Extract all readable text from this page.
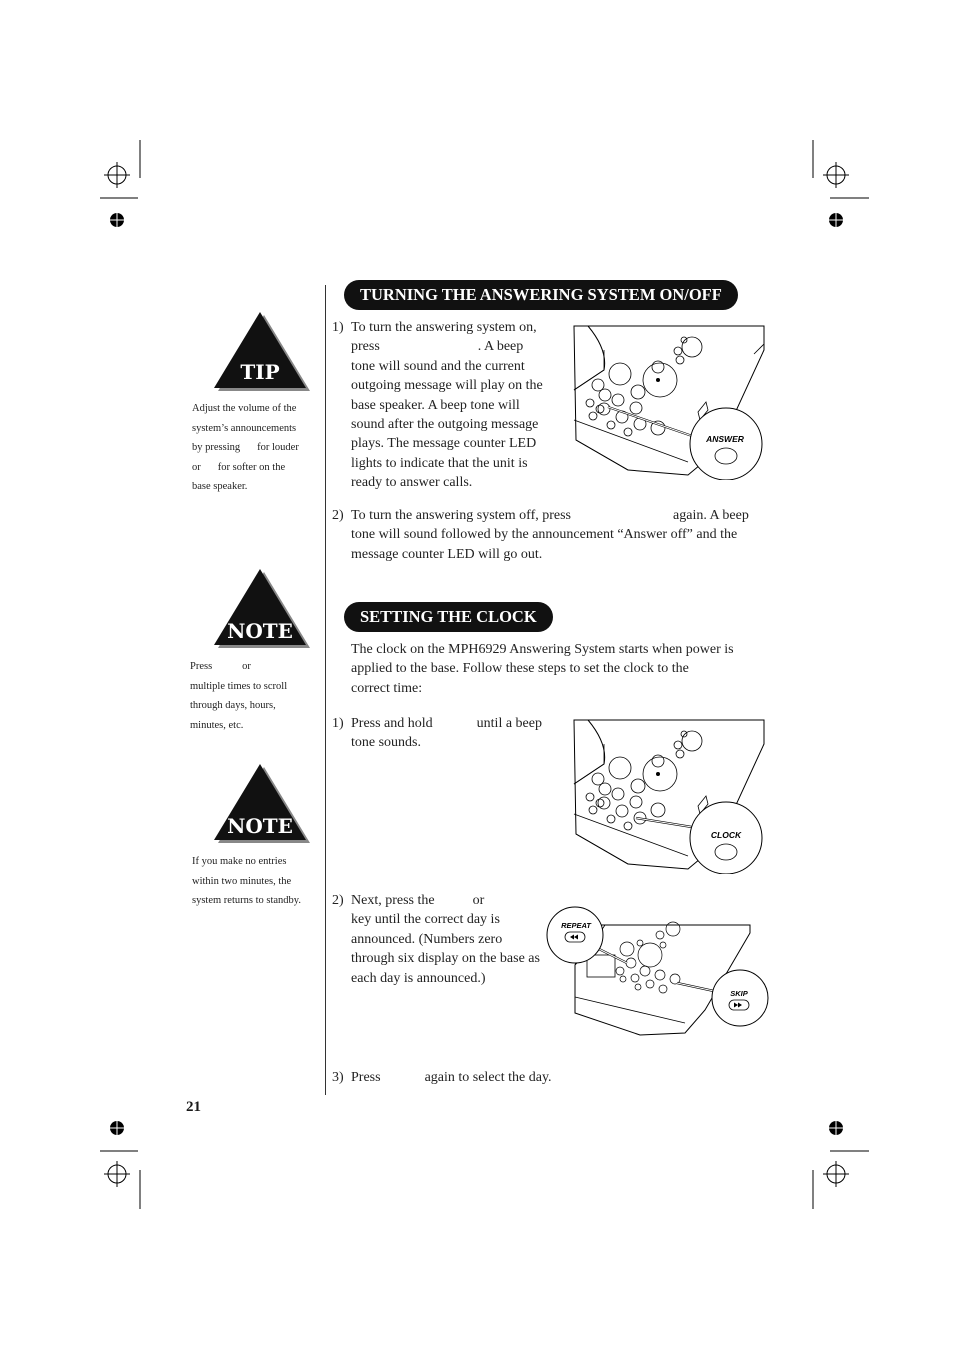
TIP
Adjust the volume of the
system’s announcements
by pressing for louder
or for softer on the
base speaker.
NOTE
Press	or
multiple times to scroll
through days, hours,
minutes, etc.
NOTE
If you make no entries
within two minutes, the
system returns to standby.
TURNING THE ANSWERING SYSTEM ON/OFF
1) To turn the answering system on,
press	. A beep
tone will sound and the current
outgoing message will play on the
base speaker. A beep tone will
sound after the outgoing message
plays. The message counter LED
lights to indicate that the unit is
ready to answer calls.
ANSWER
2) To turn the answering system off, press	again. A beep
tone will sound followed by the announcement “Answer off” and the
message counter LED will go out.
SETTING THE CLOCK
The clock on the MPH6929 Answering System starts when power is
applied to the base. Follow these steps to set the clock to the
correct time:
1) Press and hold	until a beep
tone sounds.
CLOCK
2) Next, press the	or
key until the correct day is
announced. (Numbers zero
through six display on the base as
each day is announced.)
REPEAT
SKIP
3) Press	again to select the day.
21
